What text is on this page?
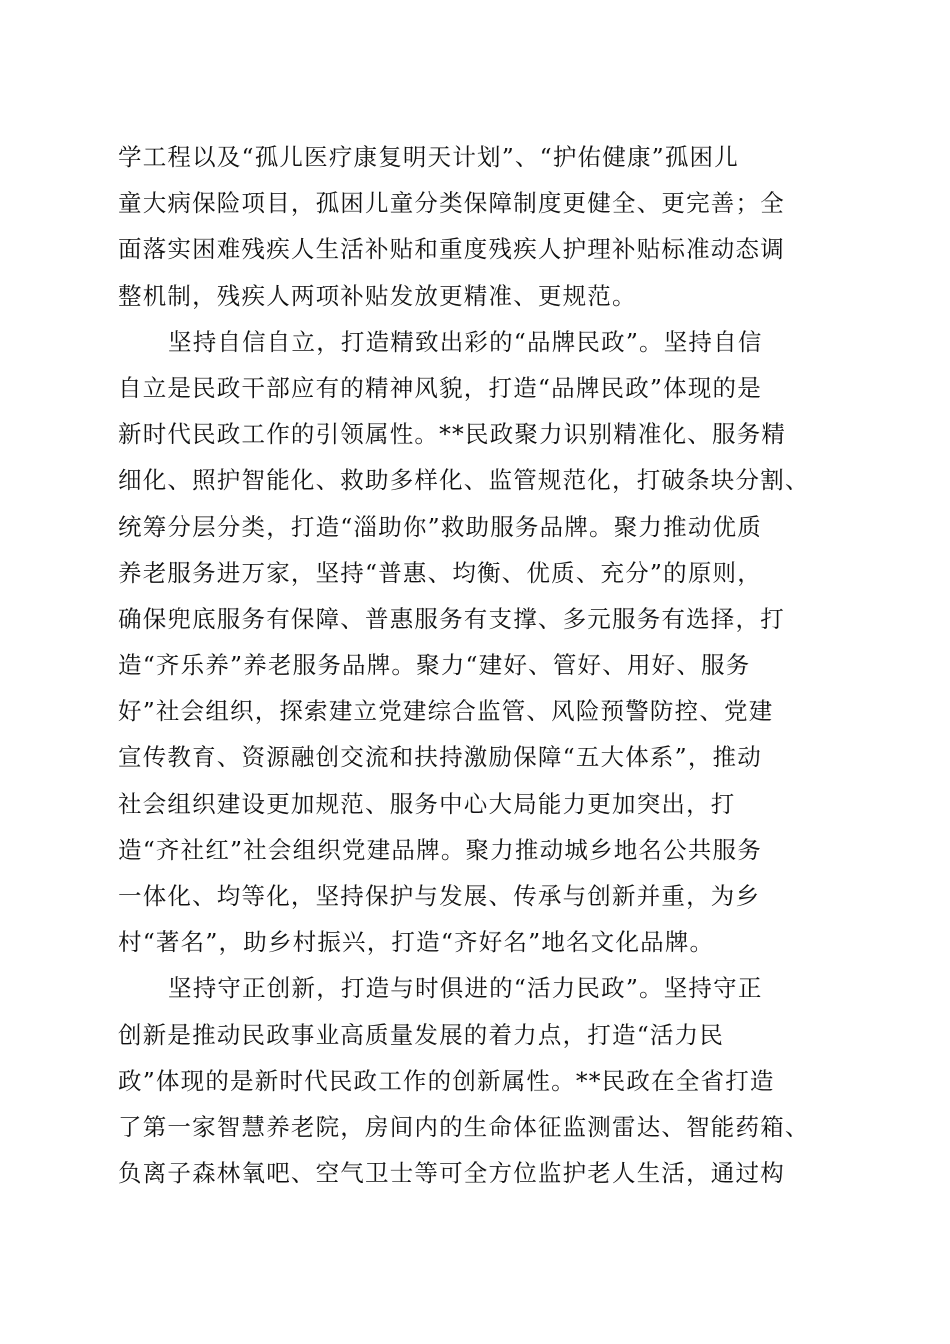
学工程以及“孤儿医疗康复明天计划”、“护佑健康”孤困儿
童大病保险项目，孤困儿童分类保障制度更健全、更完善；全
面落实困难残疾人生活补贴和重度残疾人护理补贴标准动态调
整机制，残疾人两项补贴发放更精准、更规范。
坚持自信自立，打造精致出彩的“品牌民政”。坚持自信
自立是民政干部应有的精神风貌，打造“品牌民政”体现的是
新时代民政工作的引领属性。**民政聚力识别精准化、服务精
细化、照护智能化、救助多样化、监管规范化，打破条块分割、
统筹分层分类，打造“淄助你”救助服务品牌。聚力推动优质
养老服务进万家，坚持“普惠、均衡、优质、充分”的原则，
确保兜底服务有保障、普惠服务有支撑、多元服务有选择，打
造“齐乐养”养老服务品牌。聚力“建好、管好、用好、服务
好”社会组织，探索建立党建综合监管、风险预警防控、党建
宣传教育、资源融创交流和扶持激励保障“五大体系”，推动
社会组织建设更加规范、服务中心大局能力更加突出，打
造“齐社红”社会组织党建品牌。聚力推动城乡地名公共服务
一体化、均等化，坚持保护与发展、传承与创新并重，为乡
村“著名”，助乡村振兴，打造“齐好名”地名文化品牌。
坚持守正创新，打造与时俱进的“活力民政”。坚持守正
创新是推动民政事业高质量发展的着力点，打造“活力民
政”体现的是新时代民政工作的创新属性。**民政在全省打造
了第一家智慧养老院，房间内的生命体征监测雷达、智能药箱、
负离子森林氧吧、空气卫士等可全方位监护老人生活，通过构
